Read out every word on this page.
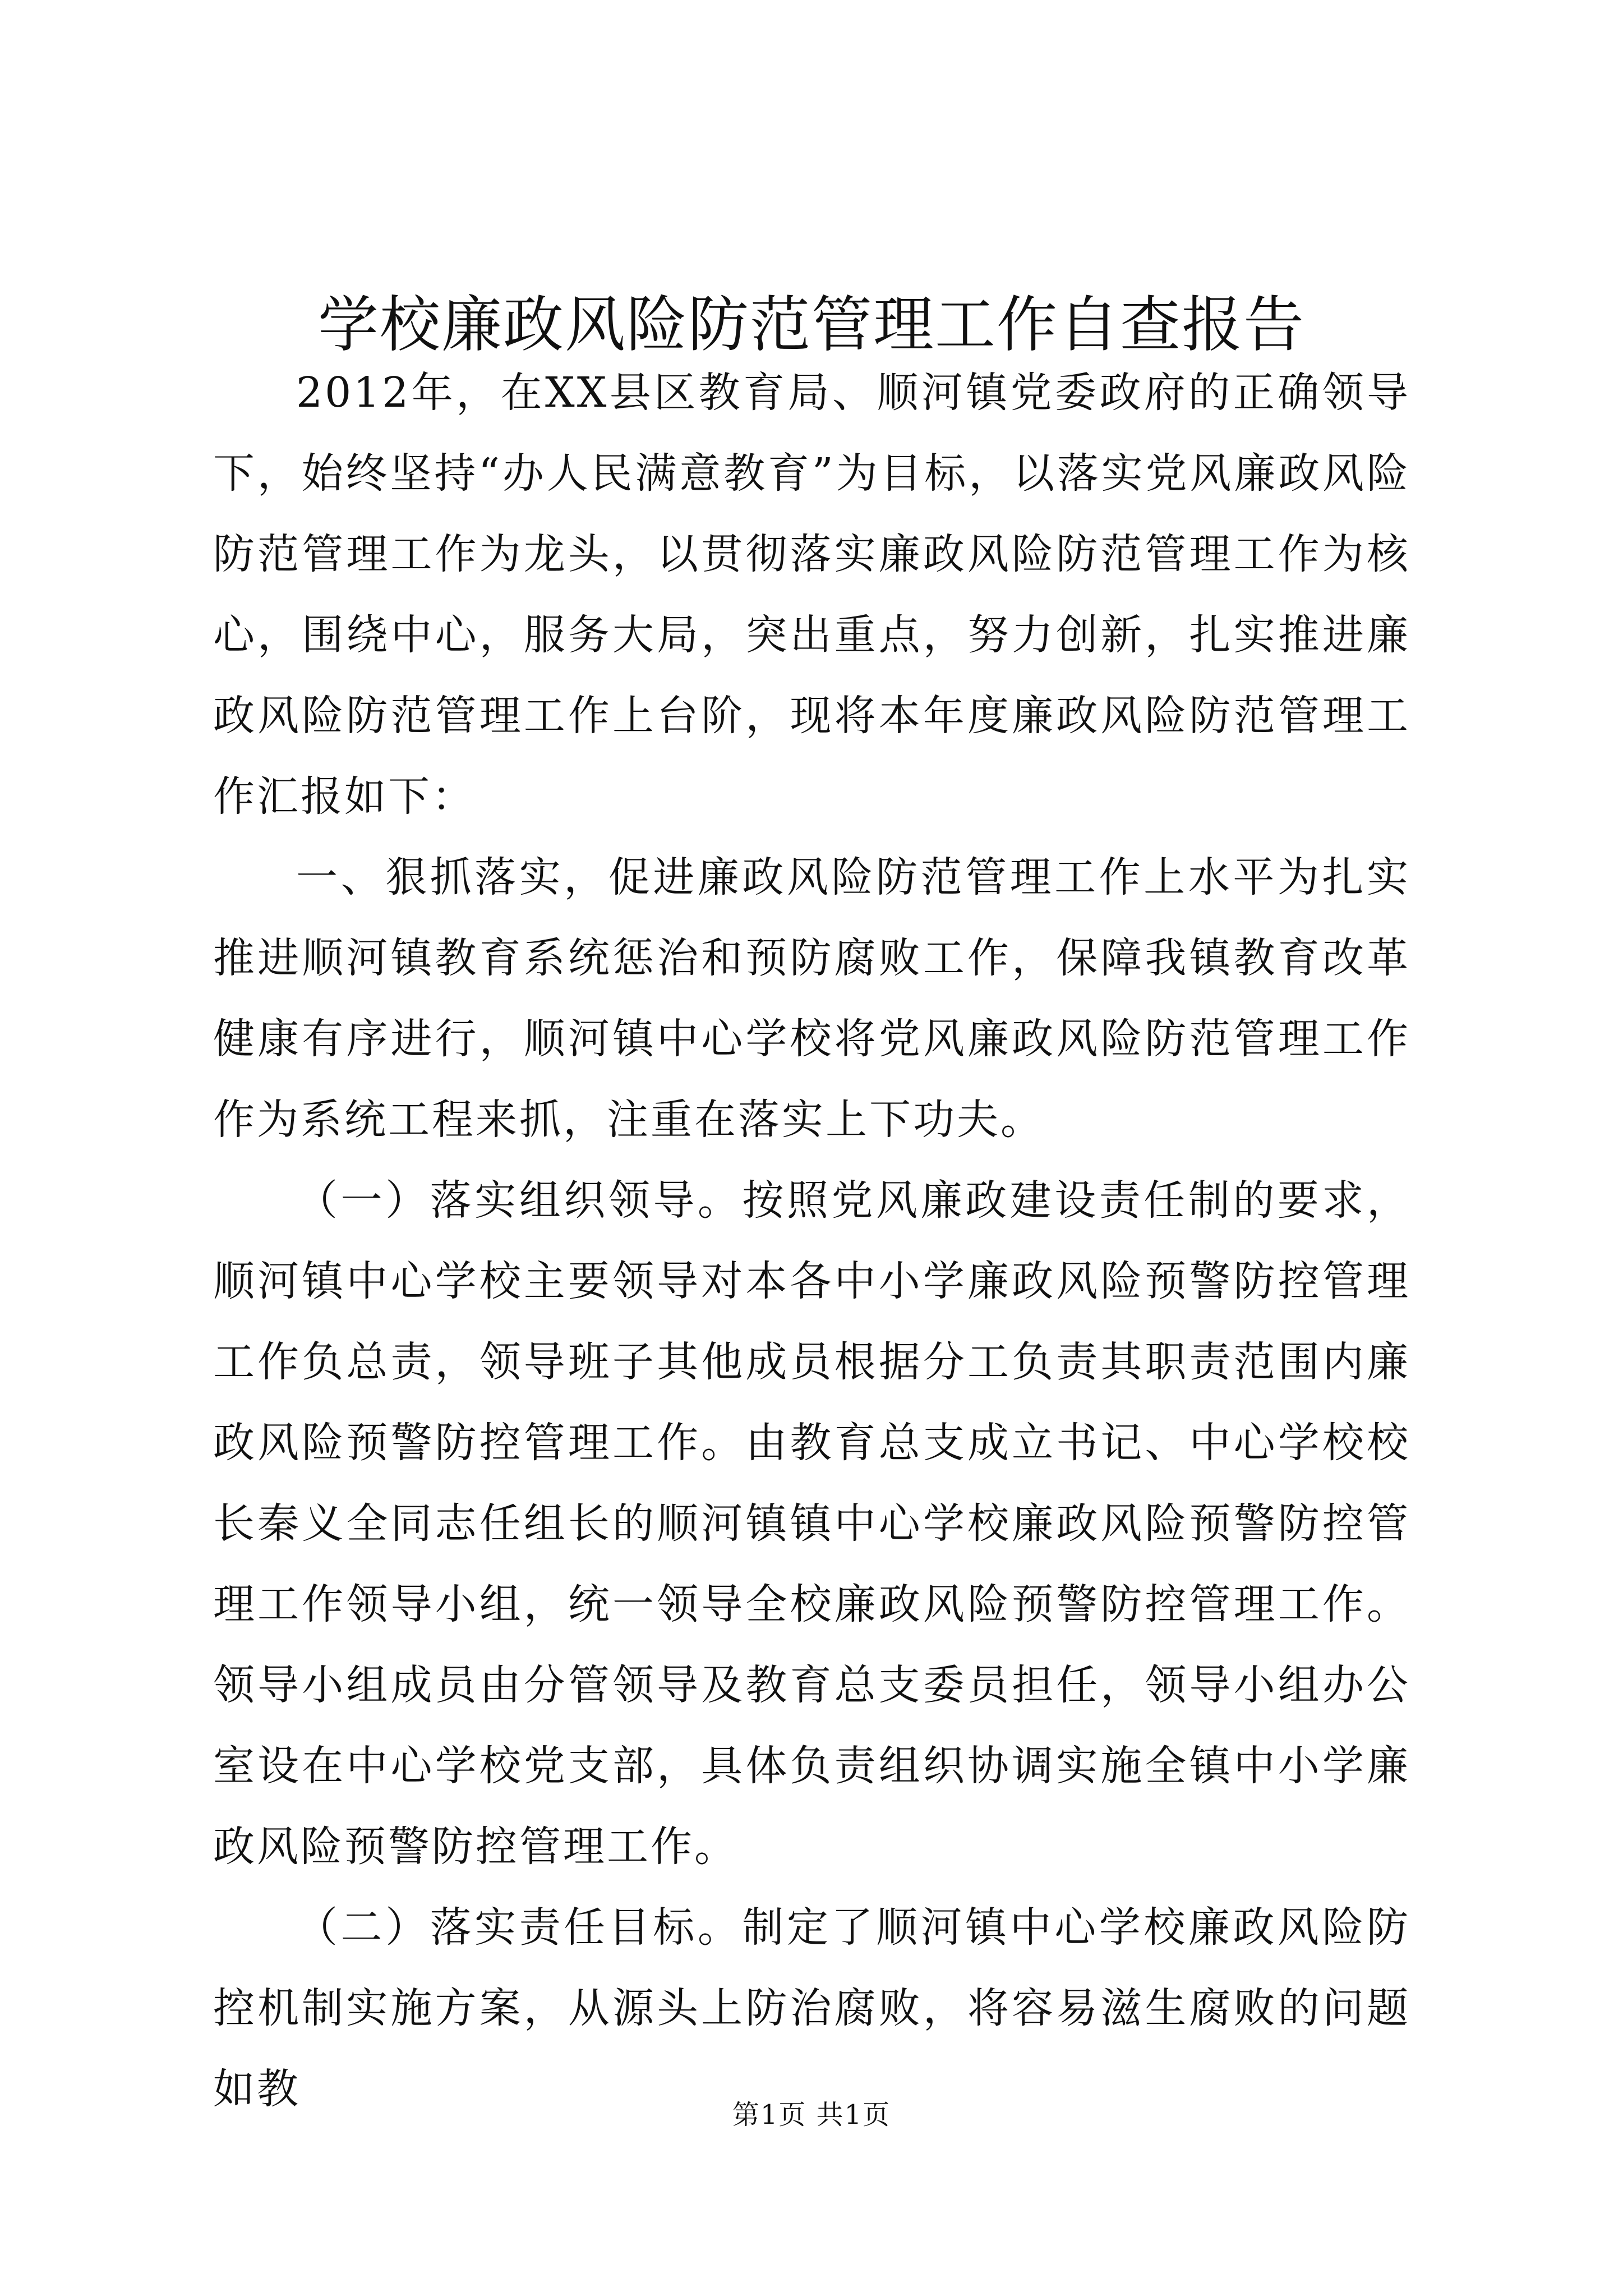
学校廉政风险防范管理工作自查报告

2012年，在XX县区教育局、顺河镇党委政府的正确领导下，始终坚持“办人民满意教育”为目标，以落实党风廉政风险防范管理工作为龙头，以贯彻落实廉政风险防范管理工作为核心，围绕中心，服务大局，突出重点，努力创新，扎实推进廉政风险防范管理工作上台阶，现将本年度廉政风险防范管理工作汇报如下：

一、狠抓落实，促进廉政风险防范管理工作上水平为扎实推进顺河镇教育系统惩治和预防腐败工作，保障我镇教育改革健康有序进行，顺河镇中心学校将党风廉政风险防范管理工作作为系统工程来抓，注重在落实上下功夫。

（一）落实组织领导。按照党风廉政建设责任制的要求，顺河镇中心学校主要领导对本各中小学廉政风险预警防控管理工作负总责，领导班子其他成员根据分工负责其职责范围内廉政风险预警防控管理工作。由教育总支成立书记、中心学校校长秦义全同志任组长的顺河镇镇中心学校廉政风险预警防控管理工作领导小组，统一领导全校廉政风险预警防控管理工作。领导小组成员由分管领导及教育总支委员担任，领导小组办公室设在中心学校党支部，具体负责组织协调实施全镇中小学廉政风险预警防控管理工作。

（二）落实责任目标。制定了顺河镇中心学校廉政风险防控机制实施方案，从源头上防治腐败，将容易滋生腐败的问题如教

第1页 共1页
